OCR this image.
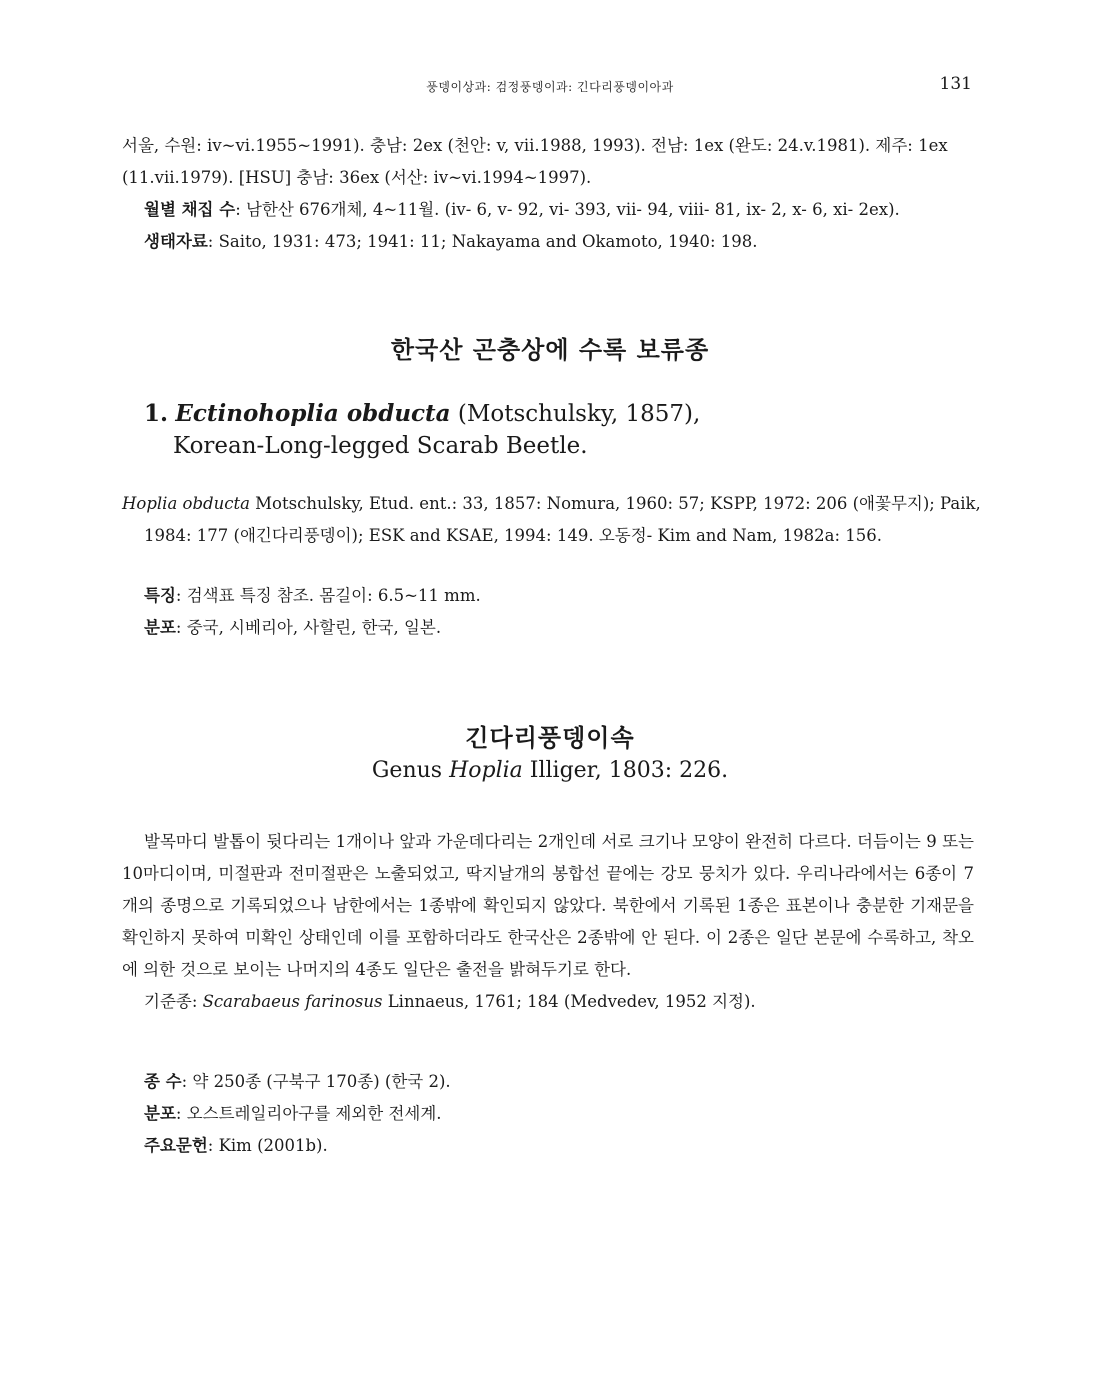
풍뎅이상과: 검정풍뎅이과: 긴다리풍뎅이아과	131
서울, 수원: iv~vi.1955~1991). 충남: 2ex (천안: v, vii.1988, 1993). 전남: 1ex (완도: 24.v.1981). 제주: 1ex
(11.vii.1979). [HSU] 충남: 36ex (서산: iv~vi.1994~1997).
월별 채집 수: 남한산 676개체, 4~11월. (iv- 6, v- 92, vi- 393, vii- 94, viii- 81, ix- 2, x- 6, xi- 2ex).
생태자료: Saito, 1931: 473; 1941: 11; Nakayama and Okamoto, 1940: 198.
한국산 곤충상에 수록 보류종
1. Ectinohoplia obducta (Motschulsky, 1857),
Korean-Long-legged Scarab Beetle.
Hoplia obducta Motschulsky, Etud. ent.: 33, 1857: Nomura, 1960: 57; KSPP, 1972: 206 (애꽃무지); Paik,
1984: 177 (애긴다리풍뎅이); ESK and KSAE, 1994: 149. 오동정- Kim and Nam, 1982a: 156.
특징: 검색표 특징 참조. 몸길이: 6.5~11 mm.
분포: 중국, 시베리아, 사할린, 한국, 일본.
긴다리풍뎅이속
Genus Hoplia Illiger, 1803: 226.
발목마디 발톱이 뒷다리는 1개이나 앞과 가운데다리는 2개인데 서로 크기나 모양이 완전히 다르다. 더듬이는 9 또는 10마디이며, 미절판과 전미절판은 노출되었고, 딱지날개의 봉합선 끝에는 강모 뭉치가 있다. 우리나라에서는 6종이 7개의 종명으로 기록되었으나 남한에서는 1종밖에 확인되지 않았다. 북한에서 기록된 1종은 표본이나 충분한 기재문을 확인하지 못하여 미확인 상태인데 이를 포함하더라도 한국산은 2종밖에 안 된다. 이 2종은 일단 본문에 수록하고, 착오에 의한 것으로 보이는 나머지의 4종도 일단은 출전을 밝혀두기로 한다.
기준종: Scarabaeus farinosus Linnaeus, 1761; 184 (Medvedev, 1952 지정).
종 수: 약 250종 (구북구 170종) (한국 2).
분포: 오스트레일리아구를 제외한 전세계.
주요문헌: Kim (2001b).
